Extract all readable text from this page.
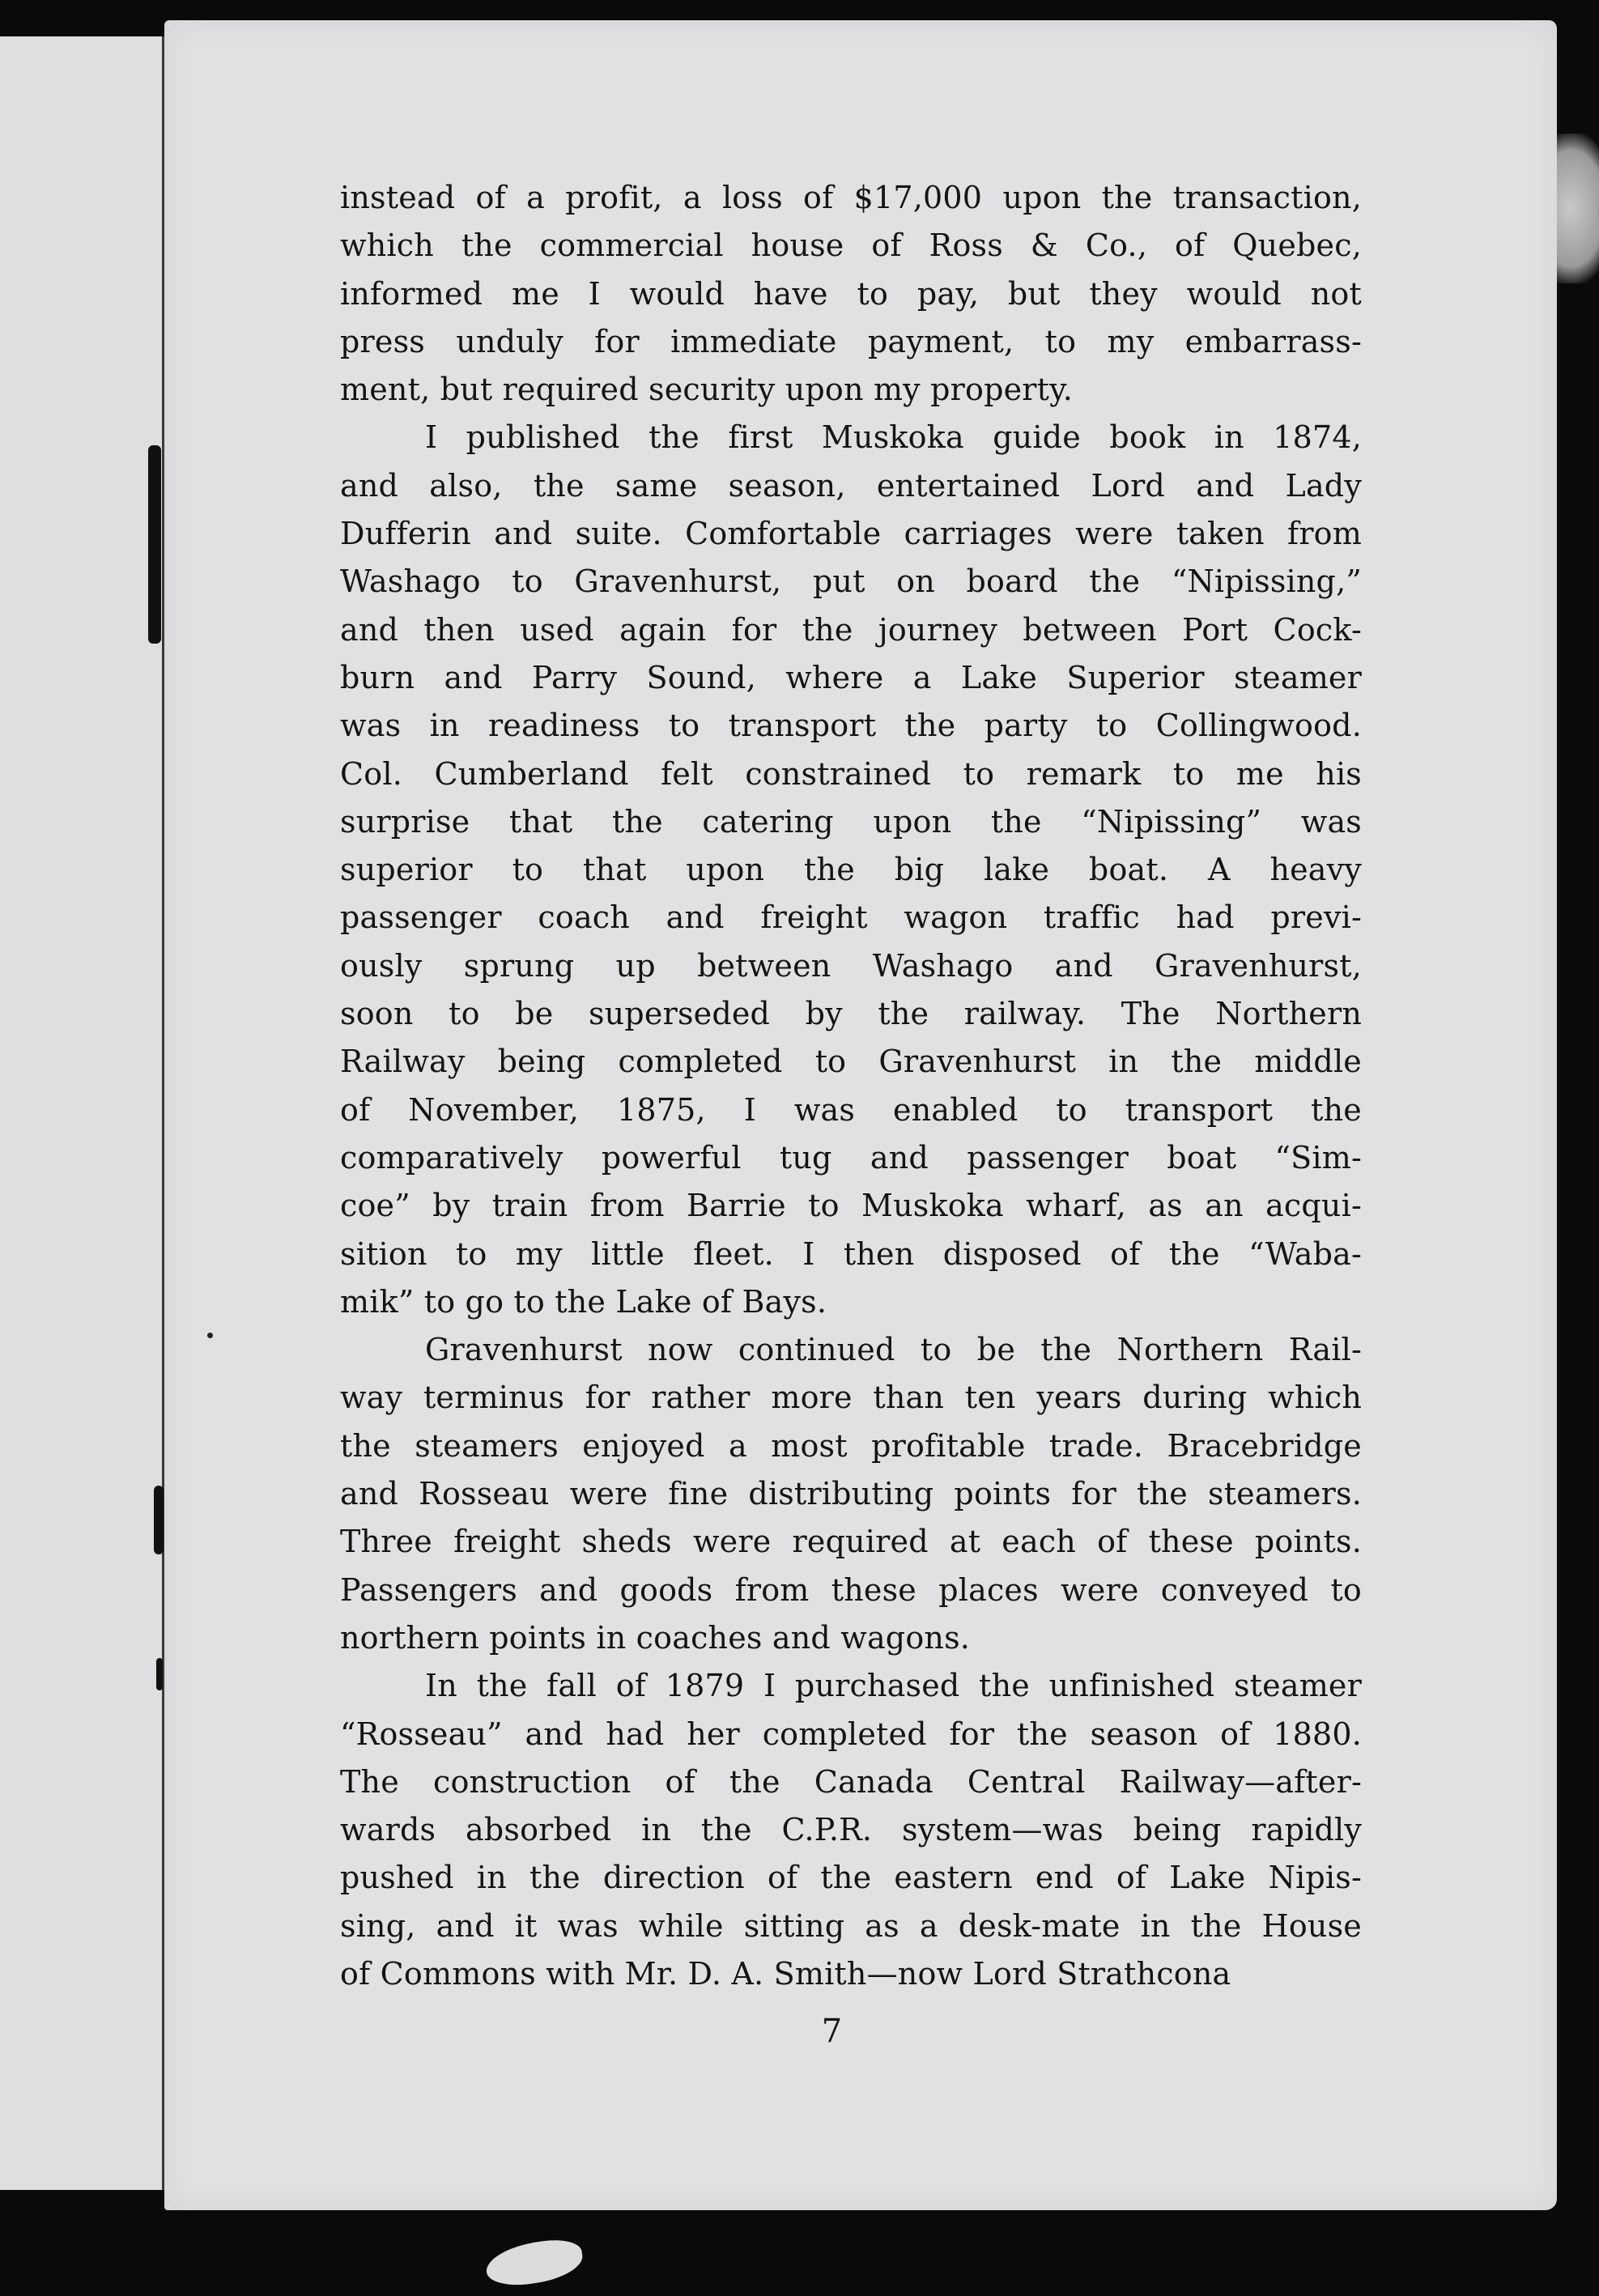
instead of a profit, a loss of $17,000 upon the transaction,
which the commercial house of Ross & Co., of Quebec,
informed me I would have to pay, but they would not
press unduly for immediate payment, to my embarrass-
ment, but required security upon my property.
I published the first Muskoka guide book in 1874,
and also, the same season, entertained Lord and Lady
Dufferin and suite. Comfortable carriages were taken from
Washago to Gravenhurst, put on board the “Nipissing,”
and then used again for the journey between Port Cock-
burn and Parry Sound, where a Lake Superior steamer
was in readiness to transport the party to Collingwood.
Col. Cumberland felt constrained to remark to me his
surprise that the catering upon the “Nipissing” was
superior to that upon the big lake boat. A heavy
passenger coach and freight wagon traffic had previ-
ously sprung up between Washago and Gravenhurst,
soon to be superseded by the railway. The Northern
Railway being completed to Gravenhurst in the middle
of November, 1875, I was enabled to transport the
comparatively powerful tug and passenger boat “Sim-
coe” by train from Barrie to Muskoka wharf, as an acqui-
sition to my little fleet. I then disposed of the “Waba-
mik” to go to the Lake of Bays.
Gravenhurst now continued to be the Northern Rail-
way terminus for rather more than ten years during which
the steamers enjoyed a most profitable trade. Bracebridge
and Rosseau were fine distributing points for the steamers.
Three freight sheds were required at each of these points.
Passengers and goods from these places were conveyed to
northern points in coaches and wagons.
In the fall of 1879 I purchased the unfinished steamer
“Rosseau” and had her completed for the season of 1880.
The construction of the Canada Central Railway—after-
wards absorbed in the C.P.R. system—was being rapidly
pushed in the direction of the eastern end of Lake Nipis-
sing, and it was while sitting as a desk-mate in the House
of Commons with Mr. D. A. Smith—now Lord Strathcona
7
